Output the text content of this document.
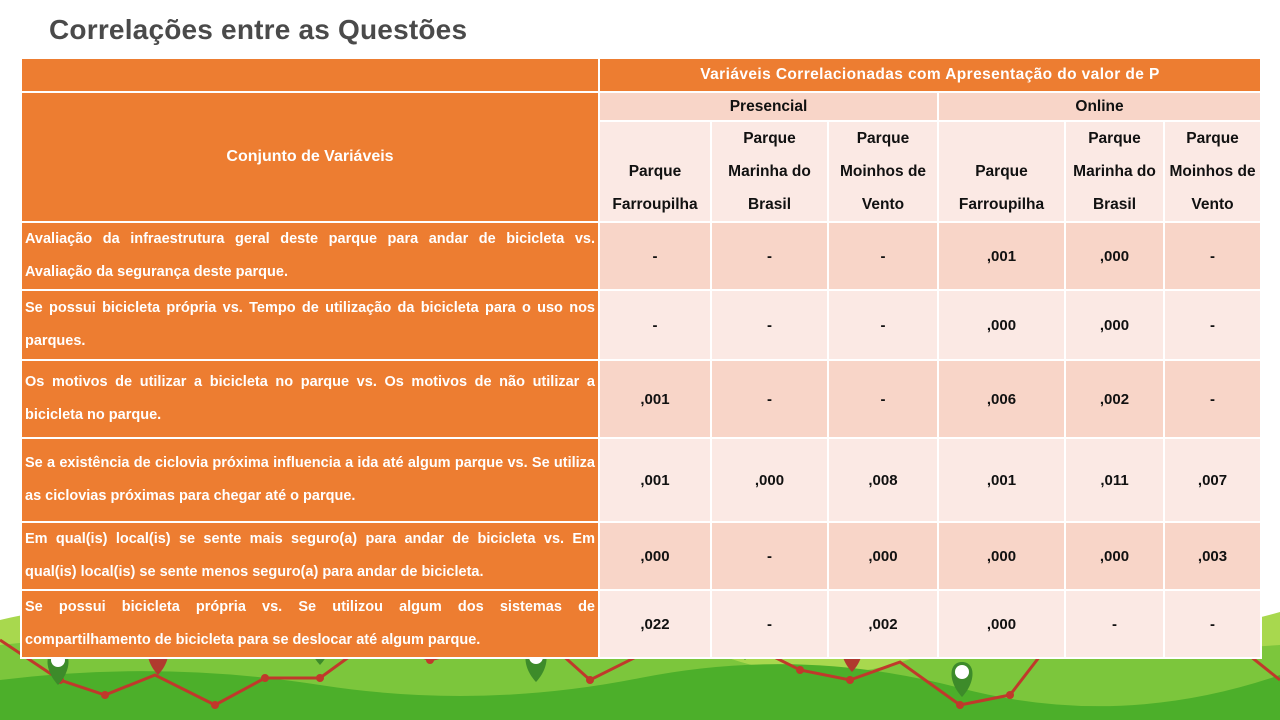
Correlações entre as Questões
	Variáveis Correlacionadas com Apresentação do valor de P					
Conjunto de Variáveis	Presencial			Online		
	Parque Farroupilha	Parque Marinha do Brasil	Parque Moinhos de Vento	Parque Farroupilha	Parque Marinha do Brasil	Parque Moinhos de Vento
Avaliação da infraestrutura geral deste parque para andar de bicicleta vs. Avaliação da segurança deste parque.	-	-	-	,001	,000	-
Se possui bicicleta própria vs. Tempo de utilização da bicicleta para o uso nos parques.	-	-	-	,000	,000	-
Os motivos de utilizar a bicicleta no parque vs. Os motivos de não utilizar a bicicleta no parque.	,001	-	-	,006	,002	-
Se a existência de ciclovia próxima influencia a ida até algum parque vs. Se utiliza as ciclovias próximas para chegar até o parque.	,001	,000	,008	,001	,011	,007
Em qual(is) local(is) se sente mais seguro(a) para andar de bicicleta vs. Em qual(is) local(is) se sente menos seguro(a) para andar de bicicleta.	,000	-	,000	,000	,000	,003
Se possui bicicleta própria vs. Se utilizou algum dos sistemas de compartilhamento de bicicleta para se deslocar até algum parque.	,022	-	,002	,000	-	-
